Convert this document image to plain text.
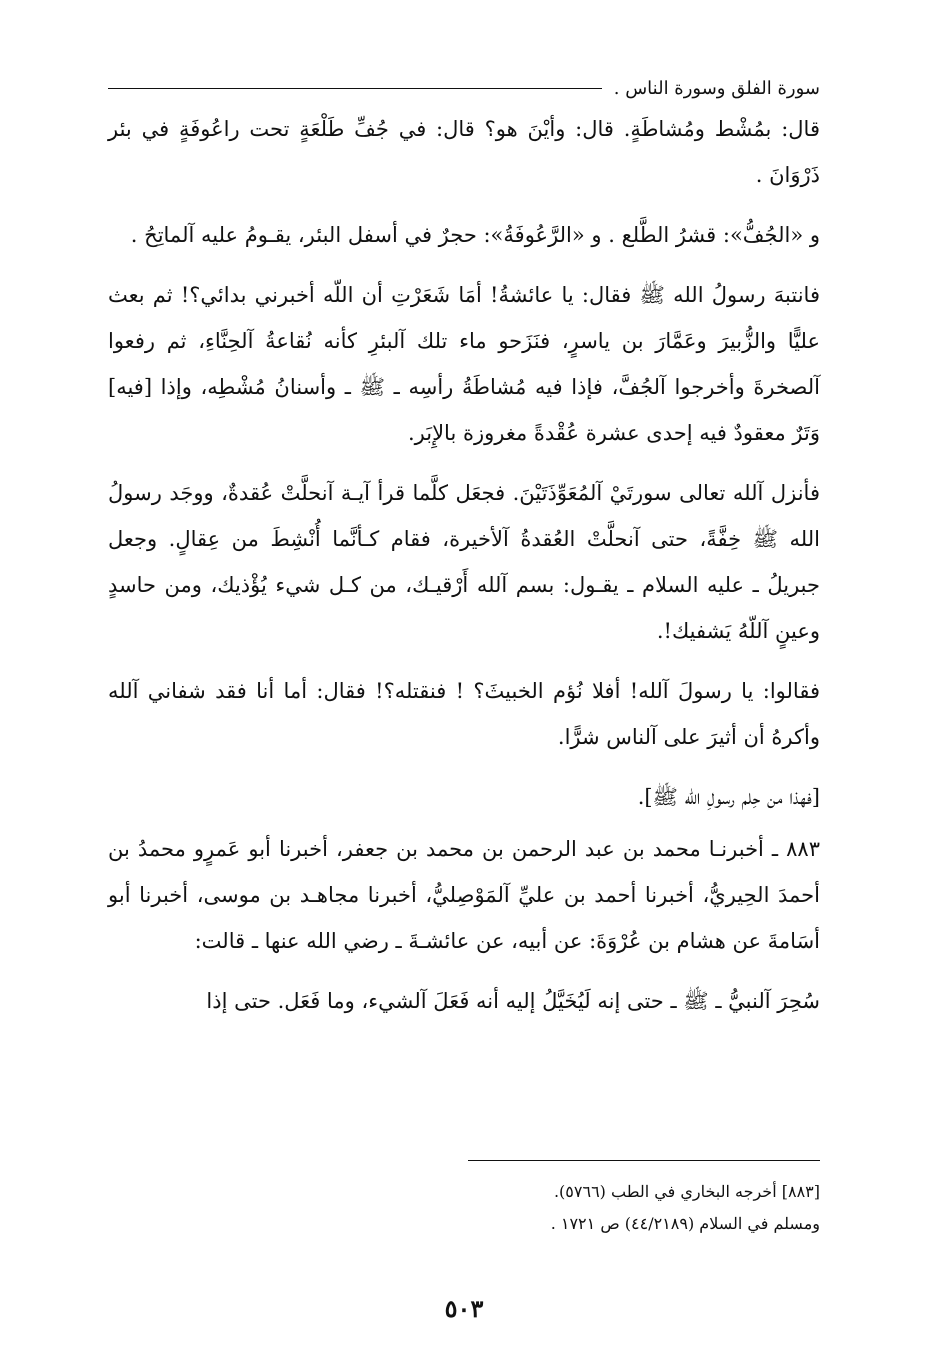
سورة الفلق وسورة الناس .

قال: بمُشْط ومُشاطَةٍ. قال: وأيْنَ هو؟ قال: في جُفِّ طَلْعَةٍ تحت راعُوفَةٍ في بئر ذَرْوَانَ .

و «الجُفُّ»: قشرُ الطَّلع . و «الرَّعُوفَةُ»: حجرٌ في أسفل البئر، يقـومُ عليه آلماتِحُ .

فانتبهَ رسولُ الله ﷺ فقال: يا عائشةُ! أمَا شَعَرْتِ أن اللّه أخبرني بدائي؟! ثم بعث عليًّا والزُّبيرَ وعَمَّارَ بن ياسرٍ، فنَزَحو ماء تلك آلبئرِ كأنه نُقاعةُ آلحِنَّاءِ، ثم رفعوا آلصخرةَ وأخرجوا آلجُفَّ، فإذا فيه مُشاطَةُ رأسِه ـ ﷺ ـ وأسنانُ مُشْطِه، وإذا [فيه] وَتَرٌ معقودٌ فيه إحدى عشرة عُقْدةً مغروزة بالإِبَر.

فأنزل آلله تعالى سورتَيْ آلمُعَوِّذَتَيْنَ. فجعَل كلَّما قرأ آيـة آنحلَّتْ عُقدةٌ، ووجَد رسولُ الله ﷺ خِفَّةً، حتى آنحلَّتْ العُقدةُ آلأخيرة، فقام كـأنَّما أُنْشِطَ من عِقالٍ. وجعل جبريلُ ـ عليه السلام ـ يقـول: بسم آلله أَرْقيـك، من كـل شيء يُؤْذيك، ومن حاسدٍ وعينٍ آللّهُ يَشفيك!.

فقالوا: يا رسولَ آلله! أفلا نُؤم الخبيثَ؟ ! فنقتله؟! فقال: أما أنا فقد شفاني آلله وأكرهُ أن أثيرَ على آلناس شرًّا.

[فهذا من حِلم رسولِ الله ﷺ].

٨٨٣ ـ أخبرنـا محمد بن عبد الرحمن بن محمد بن جعفر، أخبرنا أبو عَمرٍو محمدُ بن أحمدَ الحِيريُّ، أخبرنا أحمد بن عليِّ آلمَوْصِليُّ، أخبرنا مجاهـد بن موسى، أخبرنا أبو أسَامةَ عن هشام بن عُرْوَةَ: عن أبيه، عن عائشـةَ ـ رضي الله عنها ـ قالت:

سُحِرَ آلنبيُّ ـ ﷺ ـ حتى إنه لَيُخَيَّلُ إليه أنه فَعَلَ آلشيء، وما فَعَل. حتى إذا

[٨٨٣] أخرجه البخاري في الطب (٥٧٦٦).

ومسلم في السلام (٤٤/٢١٨٩) ص ١٧٢١ .

٥٠٣
